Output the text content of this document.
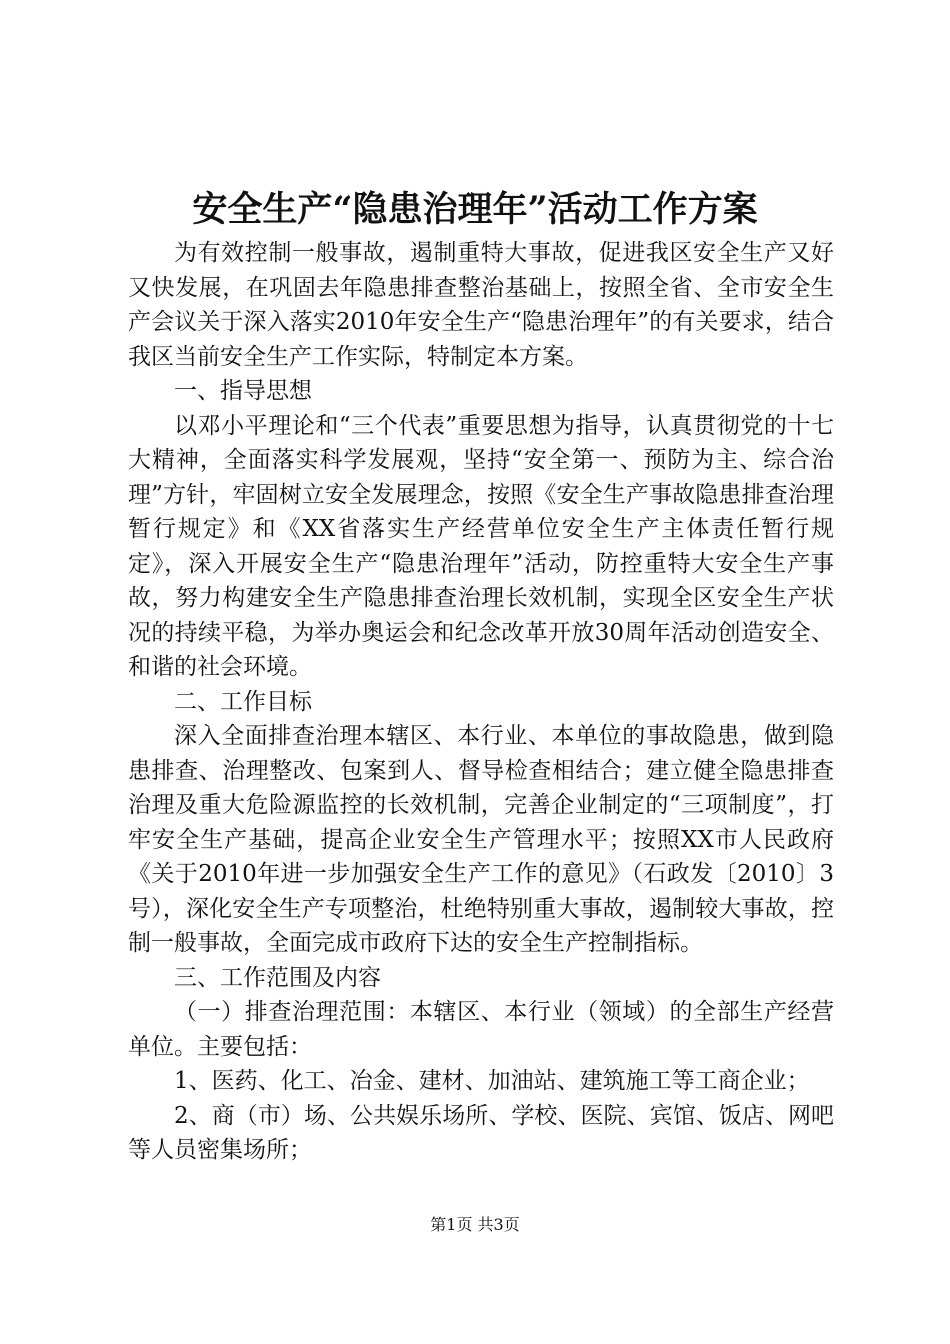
安全生产“隐患治理年”活动工作方案

为有效控制一般事故，遏制重特大事故，促进我区安全生产又好又快发展，在巩固去年隐患排查整治基础上，按照全省、全市安全生产会议关于深入落实2010年安全生产“隐患治理年”的有关要求，结合我区当前安全生产工作实际，特制定本方案。

一、指导思想

以邓小平理论和“三个代表”重要思想为指导，认真贯彻党的十七大精神，全面落实科学发展观，坚持“安全第一、预防为主、综合治理”方针，牢固树立安全发展理念，按照《安全生产事故隐患排查治理暂行规定》和《XX省落实生产经营单位安全生产主体责任暂行规定》，深入开展安全生产“隐患治理年”活动，防控重特大安全生产事故，努力构建安全生产隐患排查治理长效机制，实现全区安全生产状况的持续平稳，为举办奥运会和纪念改革开放30周年活动创造安全、和谐的社会环境。

二、工作目标

深入全面排查治理本辖区、本行业、本单位的事故隐患，做到隐患排查、治理整改、包案到人、督导检查相结合；建立健全隐患排查治理及重大危险源监控的长效机制，完善企业制定的“三项制度”，打牢安全生产基础，提高企业安全生产管理水平；按照XX市人民政府《关于2010年进一步加强安全生产工作的意见》（石政发〔2010〕3号），深化安全生产专项整治，杜绝特别重大事故，遏制较大事故，控制一般事故，全面完成市政府下达的安全生产控制指标。

三、工作范围及内容

（一）排查治理范围：本辖区、本行业（领域）的全部生产经营单位。主要包括：

1、医药、化工、冶金、建材、加油站、建筑施工等工商企业；

2、商（市）场、公共娱乐场所、学校、医院、宾馆、饭店、网吧等人员密集场所；

第1页 共3页
